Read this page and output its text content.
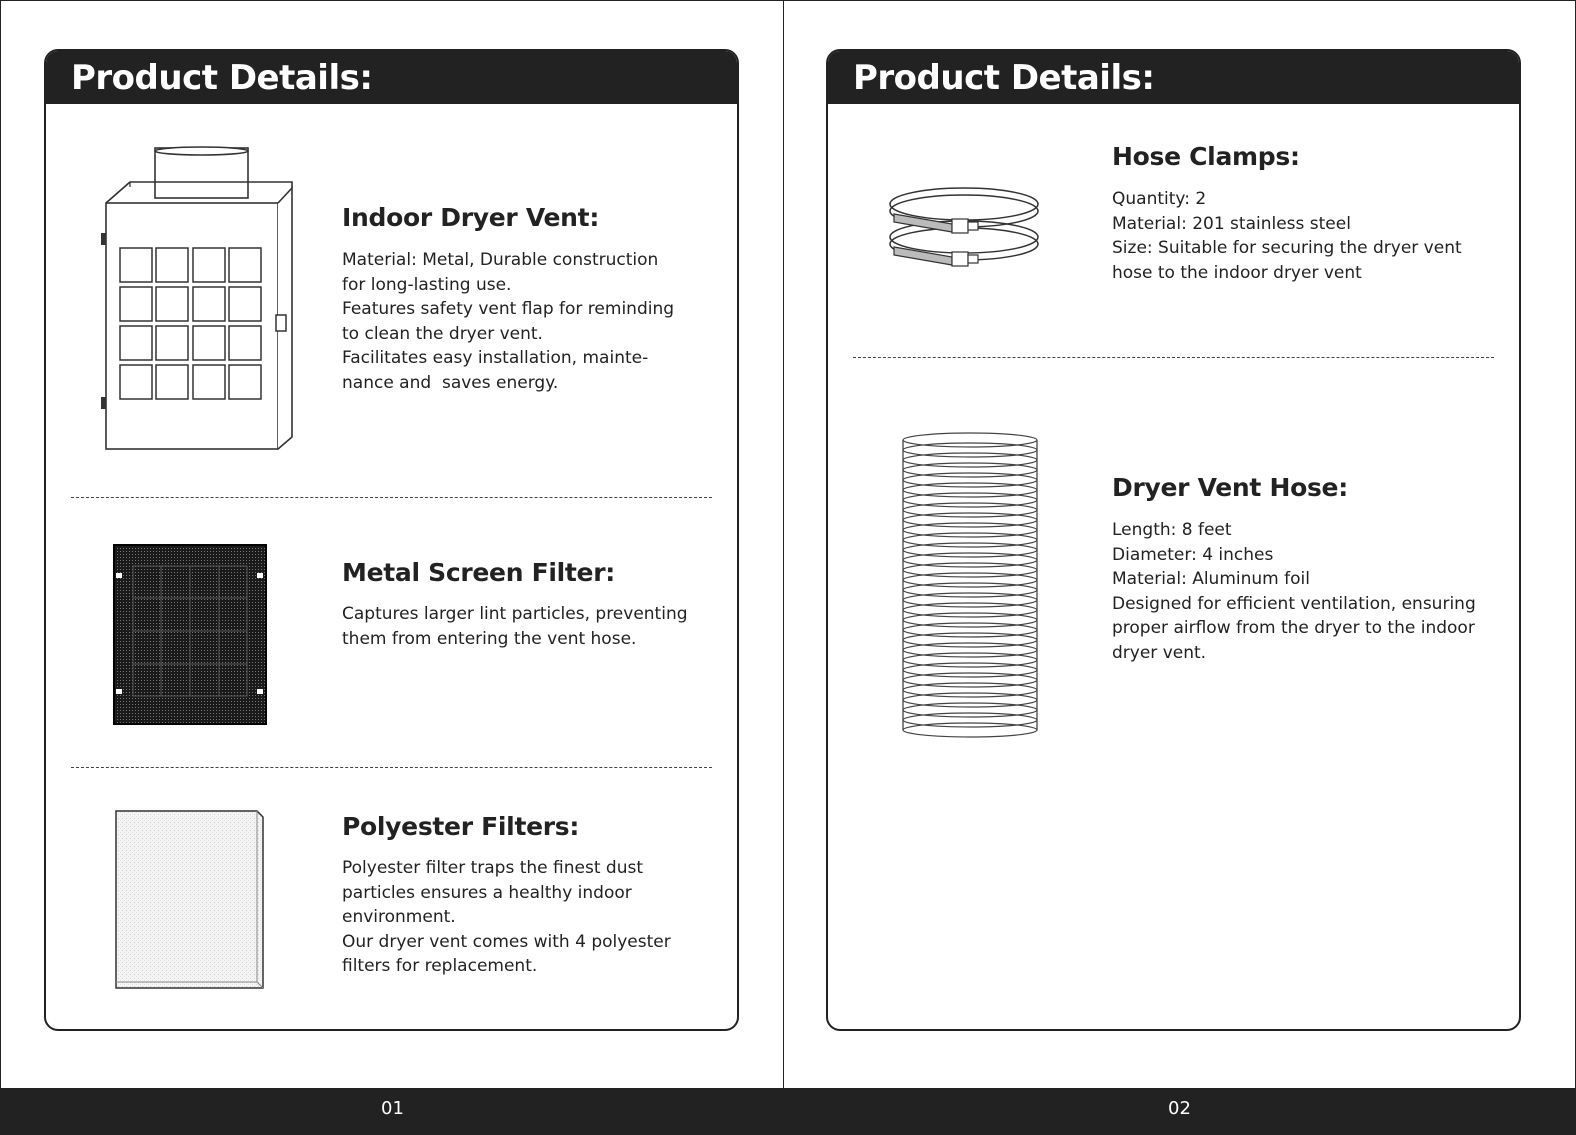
Product Details:
Indoor Dryer Vent:
Material: Metal, Durable construction
for long-lasting use.
Features safety vent flap for reminding
to clean the dryer vent.
Facilitates easy installation, mainte-
nance and  saves energy.
Metal Screen Filter:
Captures larger lint particles, preventing
them from entering the vent hose.
Polyester Filters:
Polyester filter traps the finest dust
particles ensures a healthy indoor
environment.
Our dryer vent comes with 4 polyester
filters for replacement.
Product Details:
Hose Clamps:
Quantity: 2
Material: 201 stainless steel
Size: Suitable for securing the dryer vent
hose to the indoor dryer vent
Dryer Vent Hose:
Length: 8 feet
Diameter: 4 inches
Material: Aluminum foil
Designed for efficient ventilation, ensuring
proper airflow from the dryer to the indoor
dryer vent.
01	02
